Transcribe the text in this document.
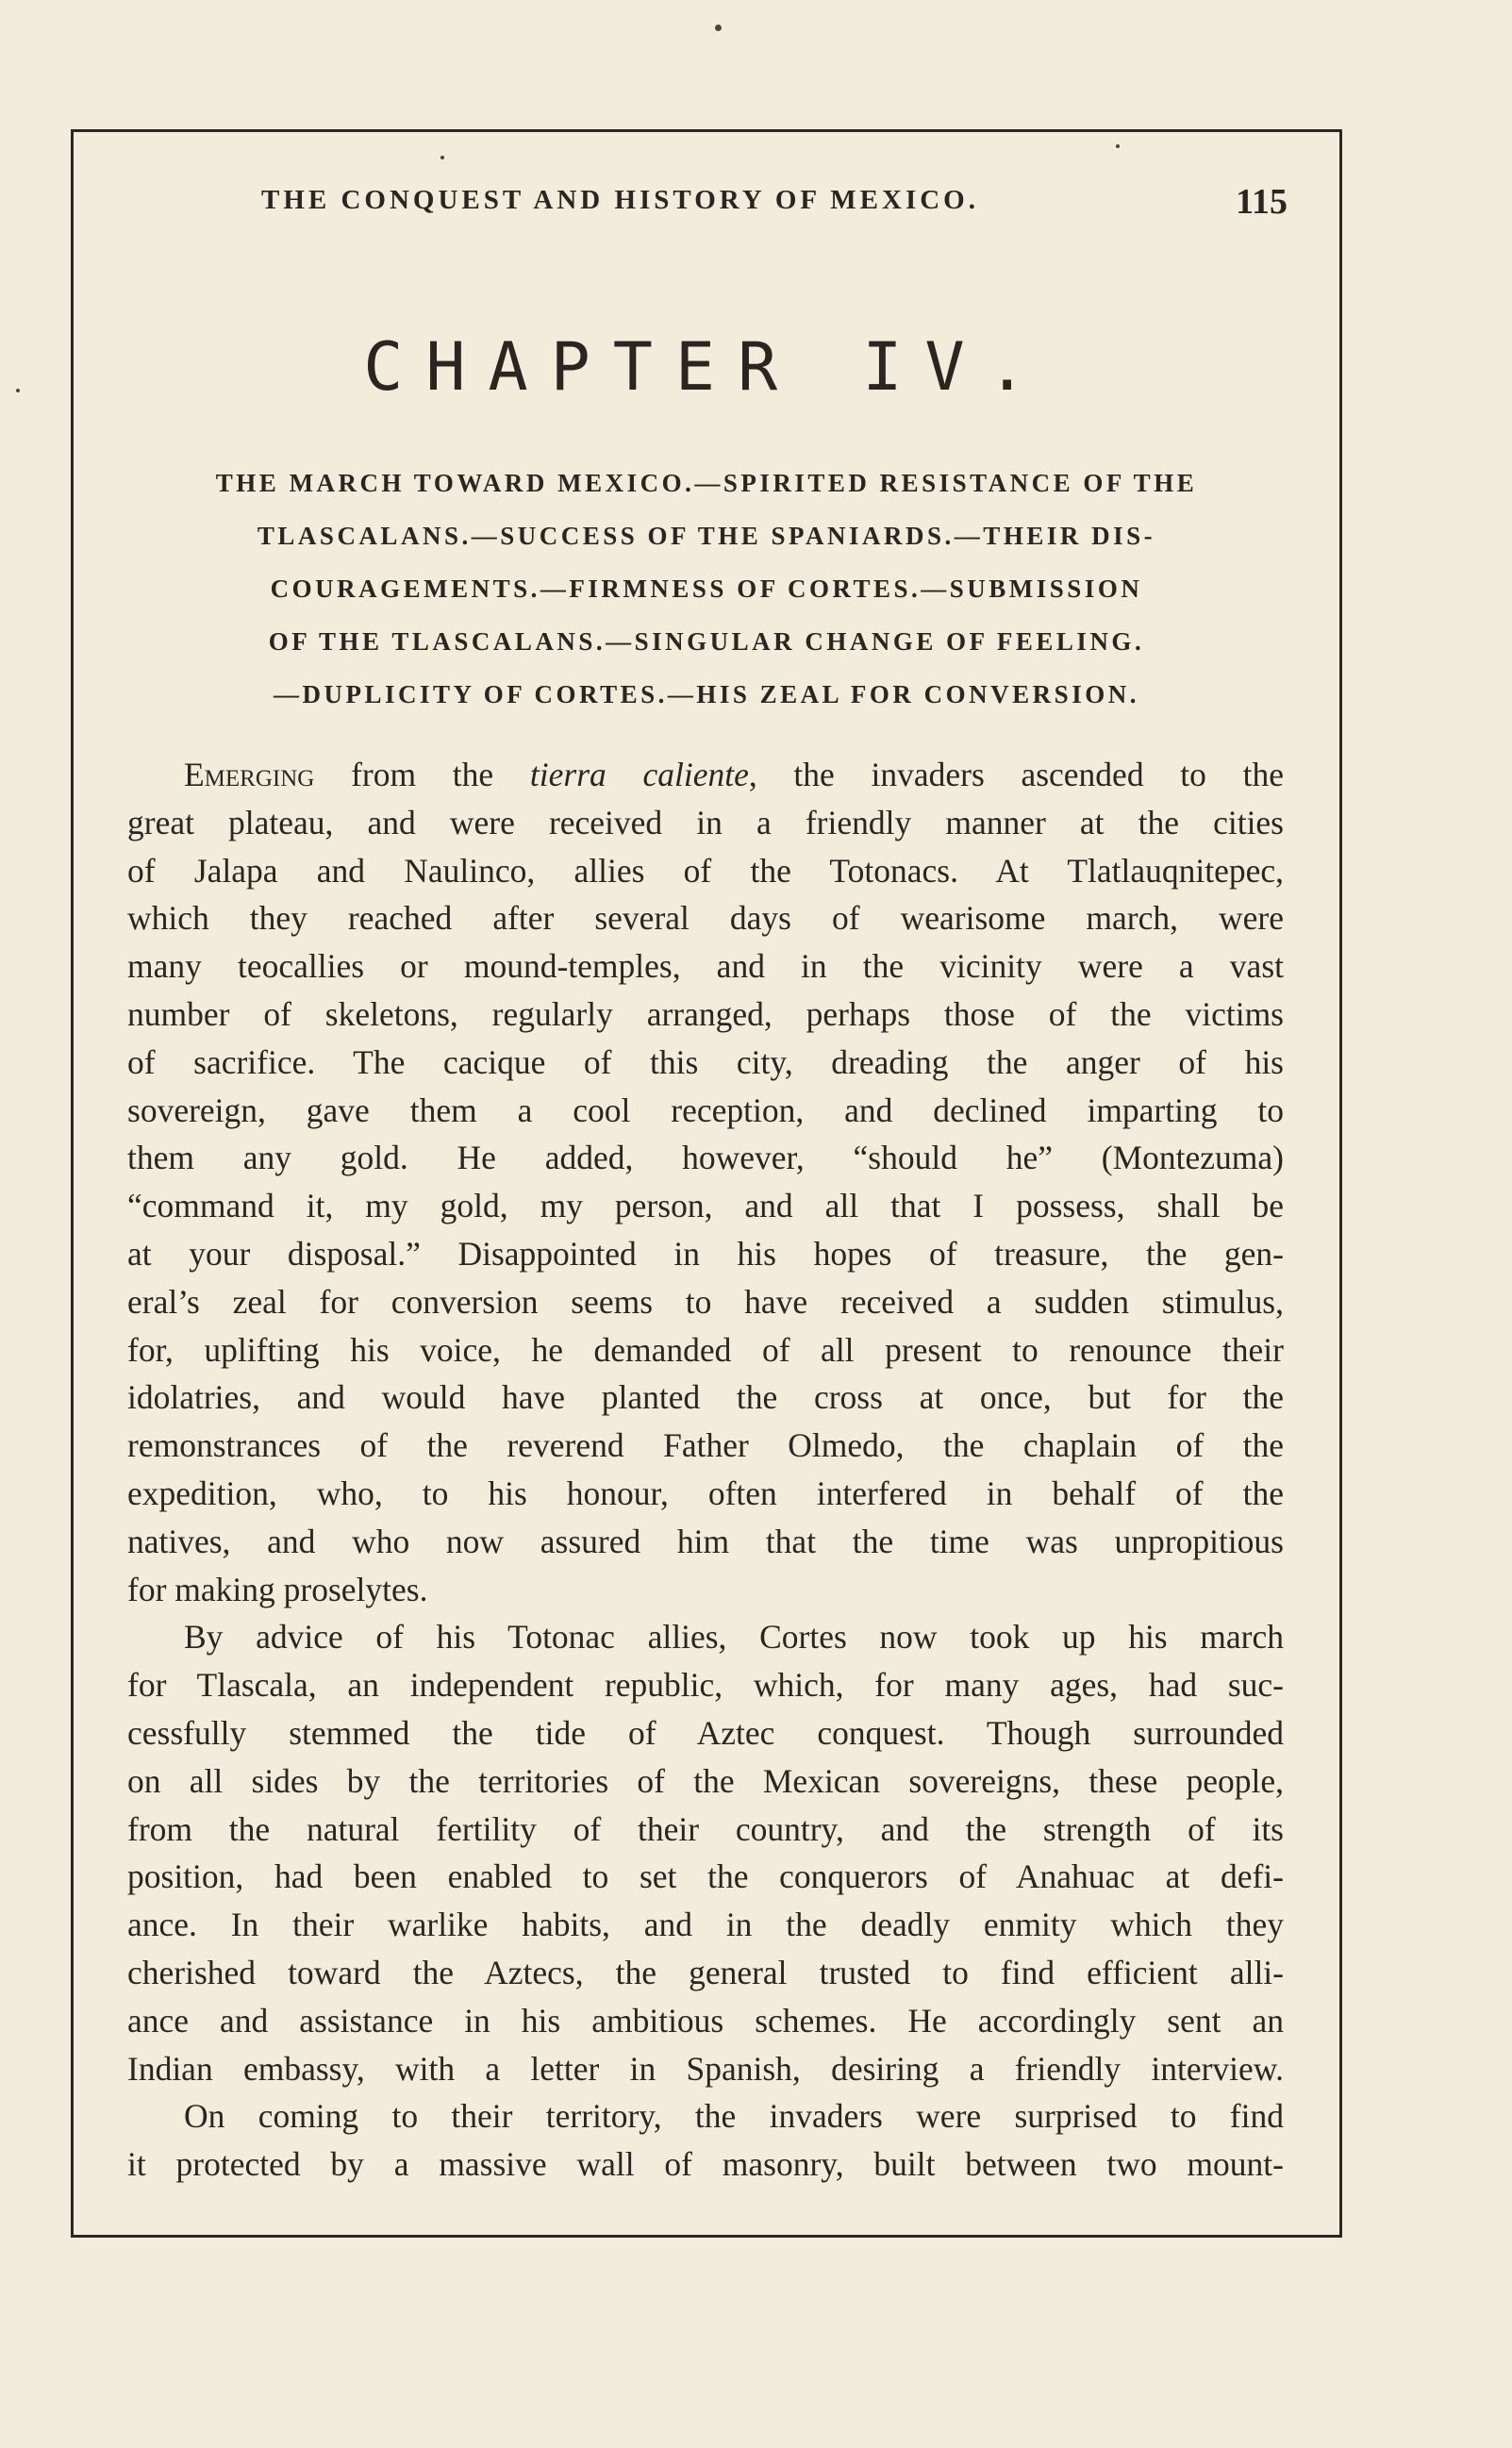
THE CONQUEST AND HISTORY OF MEXICO.	115
CHAPTER IV.
THE MARCH TOWARD MEXICO.—SPIRITED RESISTANCE OF THE
TLASCALANS.—SUCCESS OF THE SPANIARDS.—THEIR DIS-
COURAGEMENTS.—FIRMNESS OF CORTES.—SUBMISSION
OF THE TLASCALANS.—SINGULAR CHANGE OF FEELING.
—DUPLICITY OF CORTES.—HIS ZEAL FOR CONVERSION.
Emerging from the tierra caliente, the invaders ascended to the
great plateau, and were received in a friendly manner at the cities
of Jalapa and Naulinco, allies of the Totonacs. At Tlatlauqnitepec,
which they reached after several days of wearisome march, were
many teocallies or mound-temples, and in the vicinity were a vast
number of skeletons, regularly arranged, perhaps those of the victims
of sacrifice. The cacique of this city, dreading the anger of his
sovereign, gave them a cool reception, and declined imparting to
them any gold. He added, however, “should he” (Montezuma)
“command it, my gold, my person, and all that I possess, shall be
at your disposal.” Disappointed in his hopes of treasure, the gen-
eral’s zeal for conversion seems to have received a sudden stimulus,
for, uplifting his voice, he demanded of all present to renounce their
idolatries, and would have planted the cross at once, but for the
remonstrances of the reverend Father Olmedo, the chaplain of the
expedition, who, to his honour, often interfered in behalf of the
natives, and who now assured him that the time was unpropitious
for making proselytes.
By advice of his Totonac allies, Cortes now took up his march
for Tlascala, an independent republic, which, for many ages, had suc-
cessfully stemmed the tide of Aztec conquest. Though surrounded
on all sides by the territories of the Mexican sovereigns, these people,
from the natural fertility of their country, and the strength of its
position, had been enabled to set the conquerors of Anahuac at defi-
ance. In their warlike habits, and in the deadly enmity which they
cherished toward the Aztecs, the general trusted to find efficient alli-
ance and assistance in his ambitious schemes. He accordingly sent an
Indian embassy, with a letter in Spanish, desiring a friendly interview.
On coming to their territory, the invaders were surprised to find
it protected by a massive wall of masonry, built between two mount-
